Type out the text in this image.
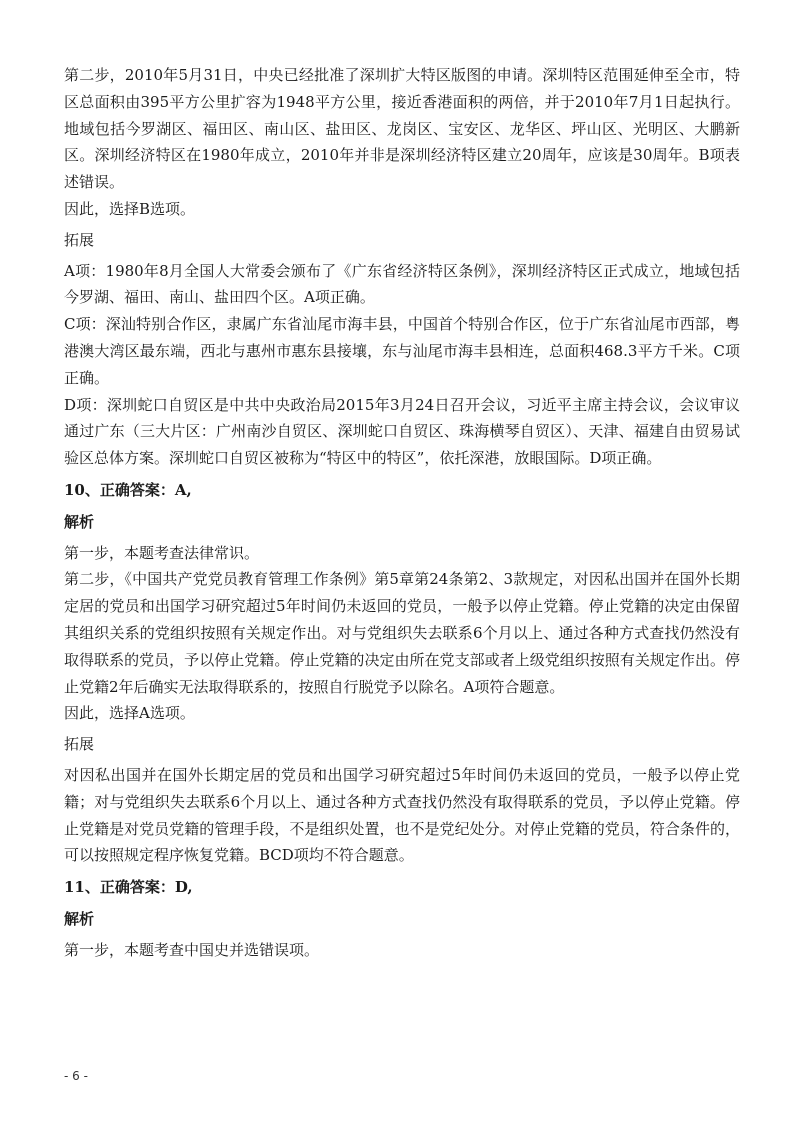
第二步，2010年5月31日，中央已经批准了深圳扩大特区版图的申请。深圳特区范围延伸至全市，特区总面积由395平方公里扩容为1948平方公里，接近香港面积的两倍，并于2010年7月1日起执行。地域包括今罗湖区、福田区、南山区、盐田区、龙岗区、宝安区、龙华区、坪山区、光明区、大鹏新区。深圳经济特区在1980年成立，2010年并非是深圳经济特区建立20周年，应该是30周年。B项表述错误。

因此，选择B选项。

拓展

A项：1980年8月全国人大常委会颁布了《广东省经济特区条例》，深圳经济特区正式成立，地域包括今罗湖、福田、南山、盐田四个区。A项正确。

C项：深汕特别合作区，隶属广东省汕尾市海丰县，中国首个特别合作区，位于广东省汕尾市西部，粤港澳大湾区最东端，西北与惠州市惠东县接壤，东与汕尾市海丰县相连，总面积468.3平方千米。C项正确。

D项：深圳蛇口自贸区是中共中央政治局2015年3月24日召开会议，习近平主席主持会议，会议审议通过广东（三大片区：广州南沙自贸区、深圳蛇口自贸区、珠海横琴自贸区）、天津、福建自由贸易试验区总体方案。深圳蛇口自贸区被称为“特区中的特区”，依托深港，放眼国际。D项正确。

10、正确答案：A,

解析

第一步，本题考查法律常识。

第二步，《中国共产党党员教育管理工作条例》第5章第24条第2、3款规定，对因私出国并在国外长期定居的党员和出国学习研究超过5年时间仍未返回的党员，一般予以停止党籍。停止党籍的决定由保留其组织关系的党组织按照有关规定作出。对与党组织失去联系6个月以上、通过各种方式查找仍然没有取得联系的党员，予以停止党籍。停止党籍的决定由所在党支部或者上级党组织按照有关规定作出。停止党籍2年后确实无法取得联系的，按照自行脱党予以除名。A项符合题意。

因此，选择A选项。

拓展

对因私出国并在国外长期定居的党员和出国学习研究超过5年时间仍未返回的党员，一般予以停止党籍；对与党组织失去联系6个月以上、通过各种方式查找仍然没有取得联系的党员，予以停止党籍。停止党籍是对党员党籍的管理手段，不是组织处置，也不是党纪处分。对停止党籍的党员，符合条件的，可以按照规定程序恢复党籍。BCD项均不符合题意。

11、正确答案：D,

解析

第一步，本题考查中国史并选错误项。

- 6 -
